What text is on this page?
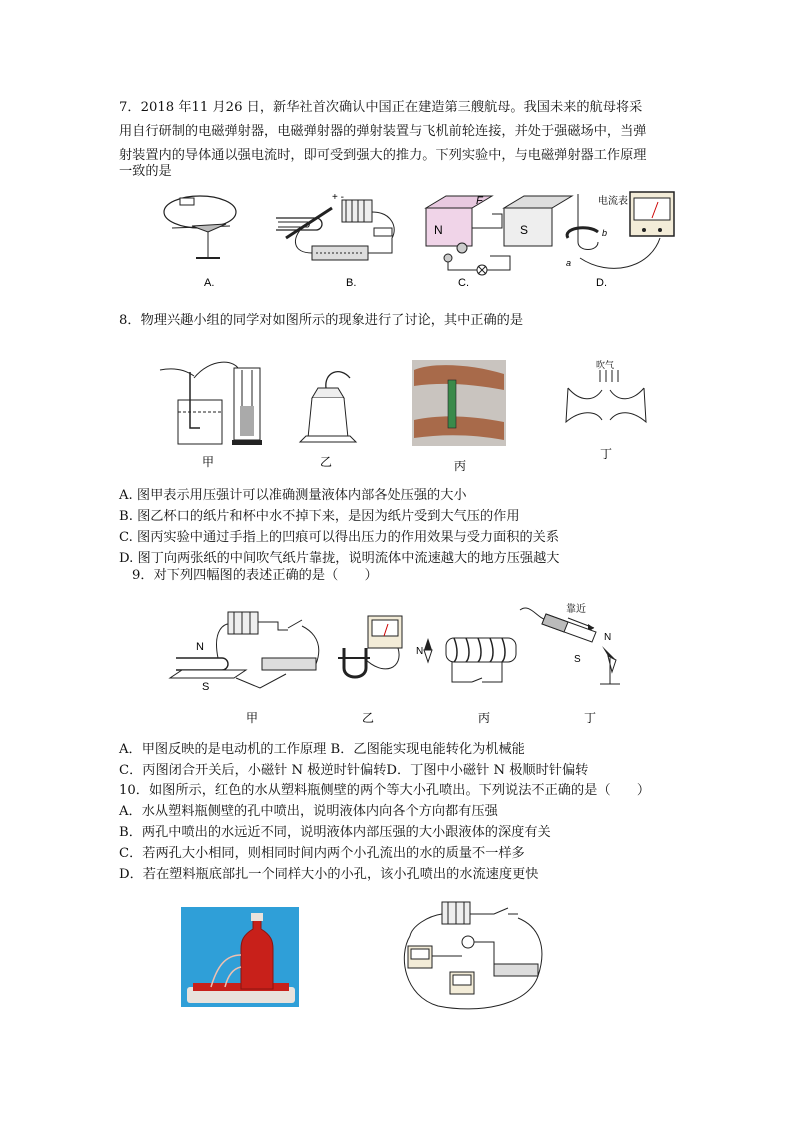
7．2018 年11 月26 日，新华社首次确认中国正在建造第三艘航母。我国未来的航母将采
用自行研制的电磁弹射器，电磁弹射器的弹射装置与飞机前轮连接，并处于强磁场中，当弹
射装置内的导体通以强电流时，即可受到强大的推力。下列实验中，与电磁弹射器工作原理
一致的是
A.
+ -
B.
N	S
F
C.
电流表
a
b
D.
8．物理兴趣小组的同学对如图所示的现象进行了讨论，其中正确的是
甲	乙	丙
吹气
丁
A. 图甲表示用压强计可以准确测量液体内部各处压强的大小
B. 图乙杯口的纸片和杯中水不掉下来，是因为纸片受到大气压的作用
C. 图丙实验中通过手指上的凹痕可以得出压力的作用效果与受力面积的关系
D. 图丁向两张纸的中间吹气纸片靠拢，说明流体中流速越大的地方压强越大
9．对下列四幅图的表述正确的是（　　）
N
S
甲	乙
N
丙
靠近
S
N
丁
A．甲图反映的是电动机的工作原理 B．乙图能实现电能转化为机械能
C．丙图闭合开关后，小磁针 N 极逆时针偏转D．丁图中小磁针 N 极顺时针偏转
10．如图所示，红色的水从塑料瓶侧壁的两个等大小孔喷出。下列说法不正确的是（　　）
A．水从塑料瓶侧壁的孔中喷出，说明液体内向各个方向都有压强
B．两孔中喷出的水远近不同，说明液体内部压强的大小跟液体的深度有关
C．若两孔大小相同，则相同时间内两个小孔流出的水的质量不一样多
D．若在塑料瓶底部扎一个同样大小的小孔，该小孔喷出的水流速度更快
